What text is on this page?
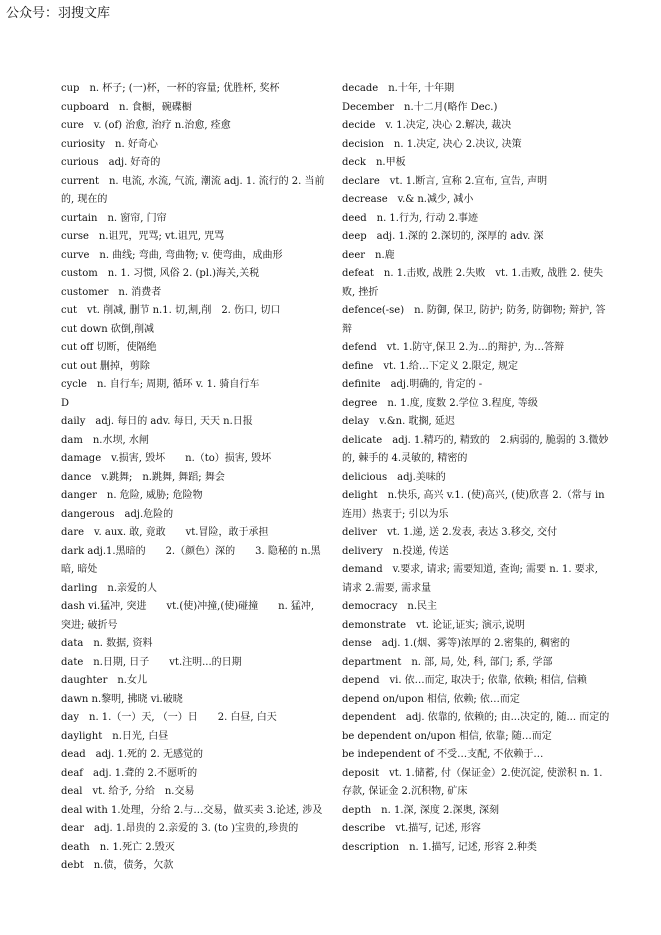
公众号：羽搜文库
cup　n. 杯子; (一)杯，一杯的容量; 优胜杯, 奖杯
cupboard　n. 食橱，碗碟橱
cure　v. (of) 治愈, 治疗 n.治愈, 痊愈
curiosity　n. 好奇心
curious　adj. 好奇的
current　n. 电流, 水流, 气流, 潮流 adj. 1. 流行的 2. 当前的, 现在的
curtain　n. 窗帘, 门帘
curse　n.诅咒，咒骂; vt.诅咒, 咒骂
curve　n. 曲线; 弯曲, 弯曲物; v. 使弯曲，成曲形
custom　n. 1. 习惯, 风俗 2. (pl.)海关,关税
customer　n. 消费者
cut　vt. 削减, 删节 n.1. 切,割,削　2. 伤口, 切口
cut down 砍倒,削减
cut off 切断，使隔绝
cut out 删掉，剪除
cycle　n. 自行车; 周期, 循环 v. 1. 骑自行车
D
daily　adj. 每日的 adv. 每日, 天天 n.日报
dam　n.水坝, 水闸
damage　v.损害, 毁坏　　n.（to）损害, 毁坏
dance　v.跳舞;　n.跳舞, 舞蹈; 舞会
danger　n. 危险, 威胁; 危险物
dangerous　adj.危险的
dare　v. aux. 敢, 竟敢　　vt.冒险，敢于承担
dark adj.1.黑暗的　　2.（颜色）深的　　3. 隐秘的 n.黑暗, 暗处
darling　n.亲爱的人
dash vi.猛冲, 突进　　vt.(使)冲撞,(使)碰撞　　n. 猛冲, 突进; 破折号
data　n. 数据, 资料
date　n.日期, 日子　　vt.注明...的日期
daughter　n.女儿
dawn n.黎明, 拂晓 vi.破晓
day　n. 1.（一）天, （一）日　　2. 白昼, 白天
daylight　n.日光, 白昼
dead　adj. 1.死的 2. 无感觉的
deaf　adj. 1.聋的 2.不愿听的
deal　vt. 给予, 分给　n.交易
deal with 1.处理，分给 2.与…交易，做买卖 3.论述, 涉及
dear　adj. 1.昂贵的 2.亲爱的 3. (to )宝贵的,珍贵的
death　n. 1.死亡 2.毁灭
debt　n.债，债务，欠款
decade　n.十年, 十年期
December　n.十二月(略作 Dec.)
decide　v. 1.决定, 决心 2.解决, 裁决
decision　n. 1.决定, 决心 2.决议, 决策
deck　n.甲板
declare　vt. 1.断言, 宣称 2.宣布, 宣告, 声明
decrease　v.& n.减少, 减小
deed　n. 1.行为, 行动 2.事迹
deep　adj. 1.深的 2.深切的, 深厚的 adv. 深
deer　n.鹿
defeat　n. 1.击败, 战胜 2.失败　vt. 1.击败, 战胜 2. 使失败, 挫折
defence(-se)　n. 防御, 保卫, 防护; 防务, 防御物; 辩护, 答辩
defend　vt. 1.防守,保卫 2.为...的辩护, 为…答辩
define　vt. 1.给…下定义 2.限定, 规定
definite　adj.明确的, 肯定的 -
degree　n. 1.度, 度数 2.学位 3.程度, 等级
delay　v.&n. 耽搁, 延迟
delicate　adj. 1.精巧的, 精致的　2.病弱的, 脆弱的 3.微妙的, 棘手的 4.灵敏的, 精密的
delicious　adj.美味的
delight　n.快乐, 高兴 v.1. (使)高兴, (使)欣喜 2.（常与 in 连用）热衷于; 引以为乐
deliver　vt. 1.递, 送 2.发表, 表达 3.移交, 交付
delivery　n.投递, 传送
demand　v.要求, 请求; 需要知道, 查询; 需要 n. 1. 要求, 请求 2.需要, 需求量
democracy　n.民主
demonstrate　vt. 论证,证实; 演示,说明
dense　adj. 1.(烟、雾等)浓厚的 2.密集的, 稠密的
department　n. 部, 局, 处, 科, 部门; 系, 学部
depend　vi. 依…而定, 取决于; 依靠, 依赖; 相信, 信赖
depend on/upon 相信, 依赖; 依…而定
dependent　adj. 依靠的, 依赖的; 由...决定的, 随... 而定的
be dependent on/upon 相信, 依靠; 随…而定
be independent of 不受…支配, 不依赖于…
deposit　vt. 1.储蓄, 付（保证金）2.使沉淀, 使淤积 n. 1.存款, 保证金 2.沉积物, 矿床
depth　n. 1.深, 深度 2.深奥, 深刻
describe　vt.描写, 记述, 形容
description　n. 1.描写, 记述, 形容 2.种类
